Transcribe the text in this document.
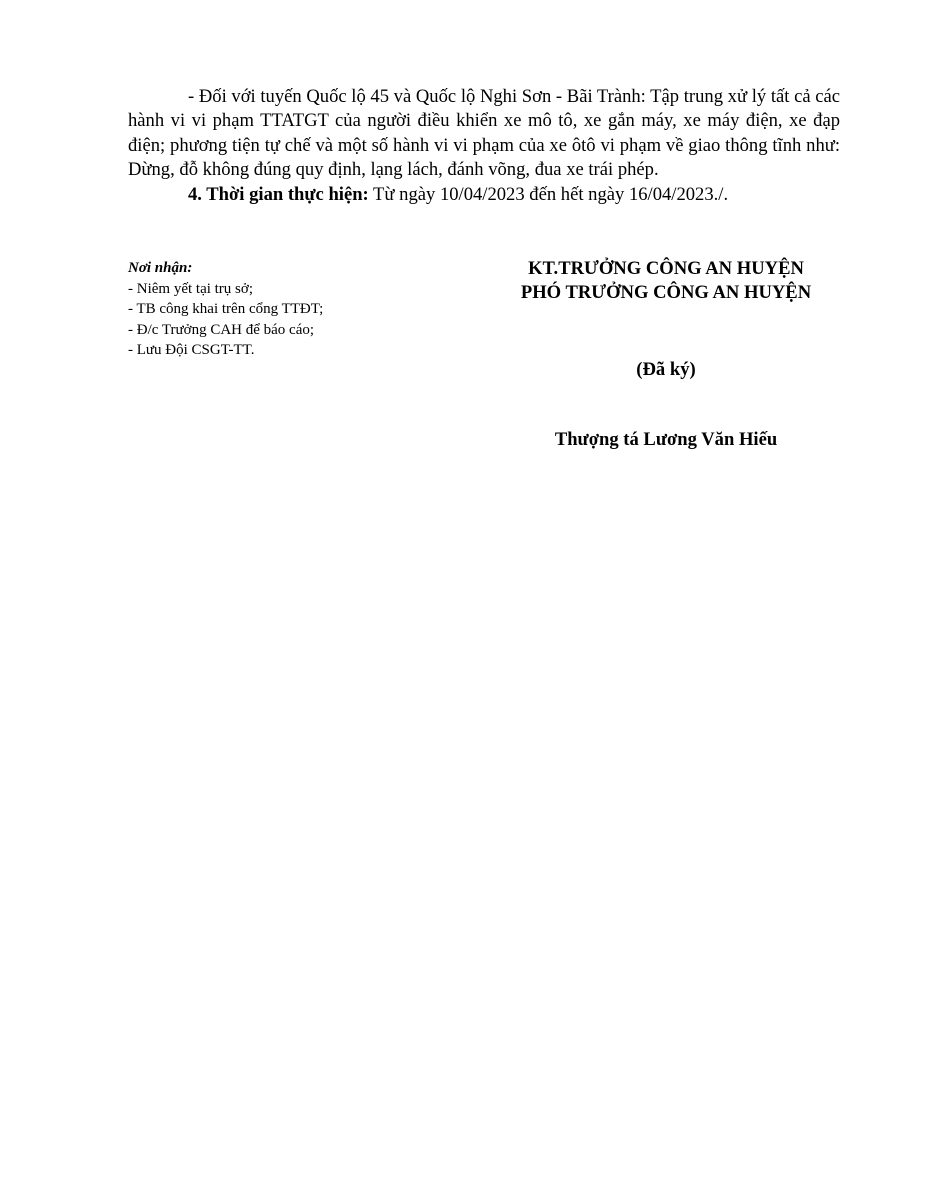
- Đối với tuyến Quốc lộ 45 và Quốc lộ Nghi Sơn - Bãi Trành: Tập trung xử lý tất cả các hành vi vi phạm TTATGT của người điều khiển xe mô tô, xe gắn máy, xe máy điện, xe đạp điện; phương tiện tự chế và một số hành vi vi phạm của xe ôtô vi phạm về giao thông tĩnh như: Dừng, đỗ không đúng quy định, lạng lách, đánh võng, đua xe trái phép.

4. Thời gian thực hiện: Từ ngày 10/04/2023 đến hết ngày 16/04/2023./.

Nơi nhận:
- Niêm yết tại trụ sở;
- TB công khai trên cổng TTĐT;
- Đ/c Trưởng CAH để báo cáo;
- Lưu Đội CSGT-TT.
KT.TRƯỞNG CÔNG AN HUYỆN
PHÓ TRƯỞNG CÔNG AN HUYỆN
(Đã ký)
Thượng tá Lương Văn Hiếu
